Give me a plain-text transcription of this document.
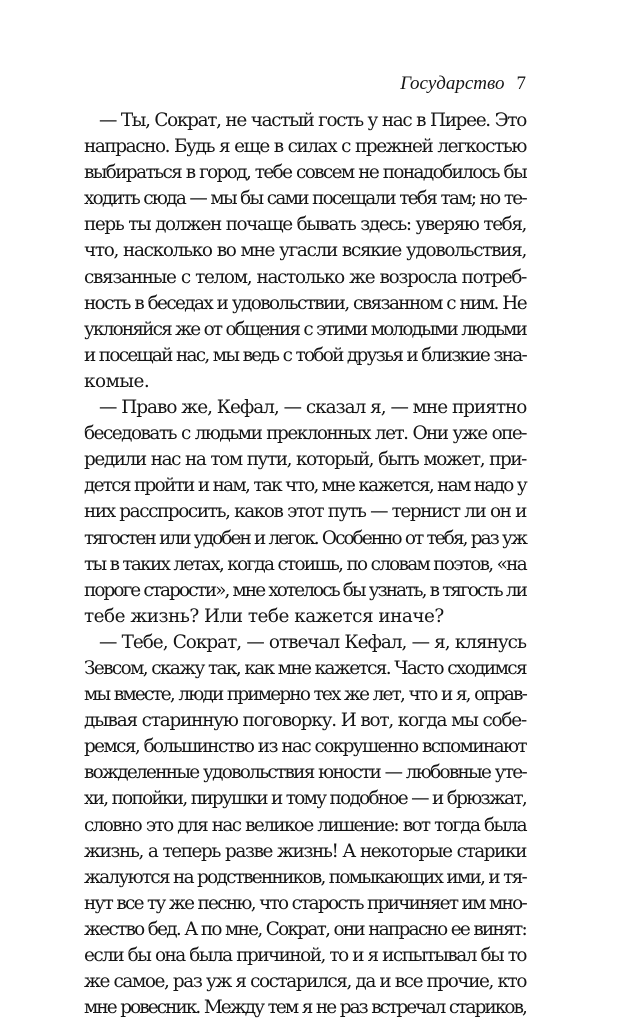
Государство 7
— Ты, Сократ, не частый гость у нас в Пирее. Это
напрасно. Будь я еще в силах с прежней легкостью
выбираться в город, тебе совсем не понадобилось бы
ходить сюда — мы бы сами посещали тебя там; но те-
перь ты должен почаще бывать здесь: уверяю тебя,
что, насколько во мне угасли всякие удовольствия,
связанные с телом, настолько же возросла потреб-
ность в беседах и удовольствии, связанном с ним. Не
уклоняйся же от общения с этими молодыми людьми
и посещай нас, мы ведь с тобой друзья и близкие зна-
комые.
— Право же, Кефал, — сказал я, — мне приятно
беседовать с людьми преклонных лет. Они уже опе-
редили нас на том пути, который, быть может, при-
дется пройти и нам, так что, мне кажется, нам надо у
них расспросить, каков этот путь — тернист ли он и
тягостен или удобен и легок. Особенно от тебя, раз уж
ты в таких летах, когда стоишь, по словам поэтов, «на
пороге старости», мне хотелось бы узнать, в тягость ли
тебе жизнь? Или тебе кажется иначе?
— Тебе, Сократ, — отвечал Кефал, — я, клянусь
Зевсом, скажу так, как мне кажется. Часто сходимся
мы вместе, люди примерно тех же лет, что и я, оправ-
дывая старинную поговорку. И вот, когда мы собе-
ремся, большинство из нас сокрушенно вспоминают
вожделенные удовольствия юности — любовные уте-
хи, попойки, пирушки и тому подобное — и брюзжат,
словно это для нас великое лишение: вот тогда была
жизнь, а теперь разве жизнь! А некоторые старики
жалуются на родственников, помыкающих ими, и тя-
нут все ту же песню, что старость причиняет им мно-
жество бед. А по мне, Сократ, они напрасно ее винят:
если бы она была причиной, то и я испытывал бы то
же самое, раз уж я состарился, да и все прочие, кто
мне ровесник. Между тем я не раз встречал стариков,
